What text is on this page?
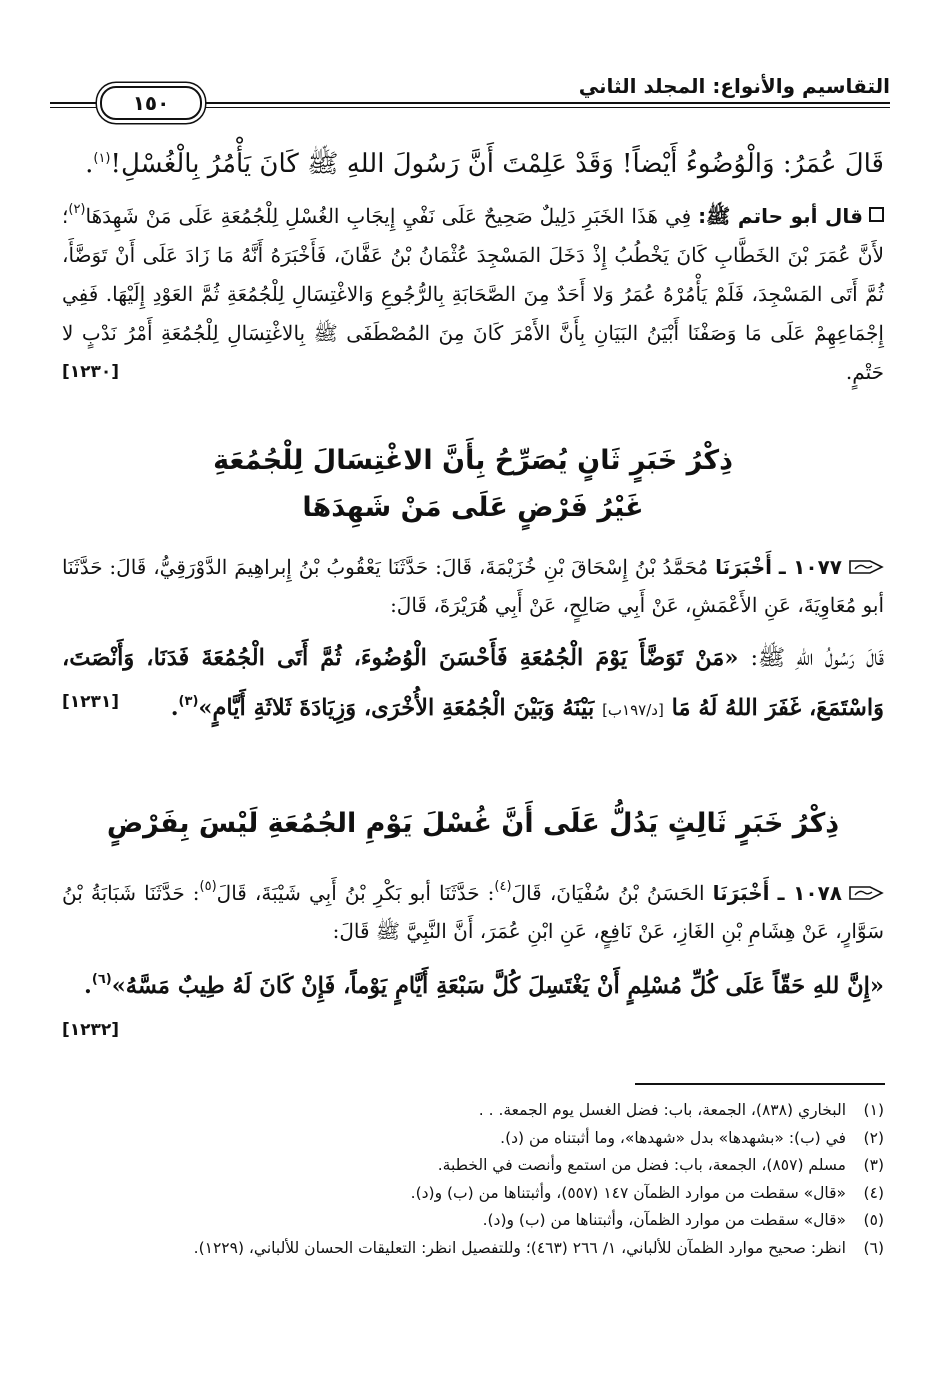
التقاسيم والأنواع: المجلد الثاني
١٥٠
قَالَ عُمَرُ: وَالْوُضُوءُ أَيْضاً! وَقَدْ عَلِمْتَ أَنَّ رَسُولَ اللهِ ﷺ كَانَ يَأْمُرُ بِالْغُسْلِ!$^{(١)}$.
قال أبو حاتم ﷺ: فِي هَذَا الخَبَرِ دَلِيلٌ صَحِيحٌ عَلَى نَفْيِ إِيجَابِ الغُسْلِ لِلْجُمُعَةِ عَلَى مَنْ شَهِدَهَا$^{(٢)}$؛ لأَنَّ عُمَرَ بْنَ الخَطَّابِ كَانَ يَخْطُبُ إِذْ دَخَلَ المَسْجِدَ عُثْمَانُ بْنُ عَفَّانَ، فَأَخْبَرَهُ أَنَّهُ مَا زَادَ عَلَى أَنْ تَوَضَّأَ، ثُمَّ أَتَى المَسْجِدَ، فَلَمْ يَأْمُرْهُ عُمَرُ وَلا أَحَدٌ مِنَ الصَّحَابَةِ بِالرُّجُوعِ وَالاغْتِسَالِ لِلْجُمُعَةِ ثُمَّ العَوْدِ إِلَيْهَا. فَفِي إِجْمَاعِهِمْ عَلَى مَا وَصَفْنَا أَبْيَنُ البَيَانِ بِأَنَّ الأَمْرَ كَانَ مِنَ المُصْطَفَى ﷺ بِالاغْتِسَالِ لِلْجُمُعَةِ أَمْرُ نَدْبٍ لا حَتْمٍ.
[١٢٣٠]
ذِكْرُ خَبَرٍ ثَانٍ يُصَرِّحُ بِأَنَّ الاغْتِسَالَ لِلْجُمُعَةِ
غَيْرُ فَرْضٍ عَلَى مَنْ شَهِدَهَا
١٠٧٧ ـ أَخْبَرَنَا مُحَمَّدُ بْنُ إِسْحَاقَ بْنِ خُزَيْمَةَ، قَالَ: حَدَّثَنَا يَعْقُوبُ بْنُ إِبراهِيمَ الدَّوْرَقِيُّ، قَالَ: حَدَّثَنَا أبو مُعَاوِيَةَ، عَنِ الأَعْمَشِ، عَنْ أَبِي صَالِحٍ، عَنْ أَبِي هُرَيْرَةَ، قَالَ:
قَالَ رَسُولُ اللهِ ﷺ: «مَنْ تَوَضَّأَ يَوْمَ الْجُمُعَةِ فَأَحْسَنَ الْوُضُوءَ، ثُمَّ أَتَى الْجُمُعَةَ فَدَنَا، وَأَنْصَتَ، وَاسْتَمَعَ، غَفَرَ اللهُ لَهُ مَا [د/١٩٧ب] بَيْنَهُ وَبَيْنَ الْجُمُعَةِ الأُخْرَى، وَزِيَادَةَ ثَلاثَةِ أَيَّامٍ»$^{(٣)}$.
[١٢٣١]
ذِكْرُ خَبَرٍ ثَالِثٍ يَدُلُّ عَلَى أَنَّ غُسْلَ يَوْمِ الجُمُعَةِ لَيْسَ بِفَرْضٍ
١٠٧٨ ـ أَخْبَرَنَا الحَسَنُ بْنُ سُفْيَانَ، قَالَ$^{(٤)}$: حَدَّثَنَا أبو بَكْرِ بْنُ أَبِي شَيْبَةَ، قَالَ$^{(٥)}$: حَدَّثَنَا شَبَابَةُ بْنُ سَوَّارٍ، عَنْ هِشَامِ بْنِ الغَازِ، عَنْ نَافِعٍ، عَنِ ابْنِ عُمَرَ، أَنَّ النَّبِيَّ ﷺ قَالَ:
«إِنَّ للهِ حَقّاً عَلَى كُلِّ مُسْلِمٍ أَنْ يَغْتَسِلَ كُلَّ سَبْعَةِ أَيَّامٍ يَوْماً، فَإِنْ كَانَ لَهُ طِيبٌ مَسَّهُ»$^{(٦)}$.
[١٢٣٢]
(١)
البخاري (٨٣٨)، الجمعة، باب: فضل الغسل يوم الجمعة. . .
(٢)
في (ب): «بشهدها» بدل «شهدها»، وما أثبتناه من (د).
(٣)
مسلم (٨٥٧)، الجمعة، باب: فضل من استمع وأنصت في الخطبة.
(٤)
«قال» سقطت من موارد الظمآن ١٤٧ (٥٥٧)، وأثبتناها من (ب) و(د).
(٥)
«قال» سقطت من موارد الظمآن، وأثبتناها من (ب) و(د).
(٦)
انظر: صحيح موارد الظمآن للألباني، ١/ ٢٦٦ (٤٦٣)؛ وللتفصيل انظر: التعليقات الحسان للألباني، (١٢٢٩).
